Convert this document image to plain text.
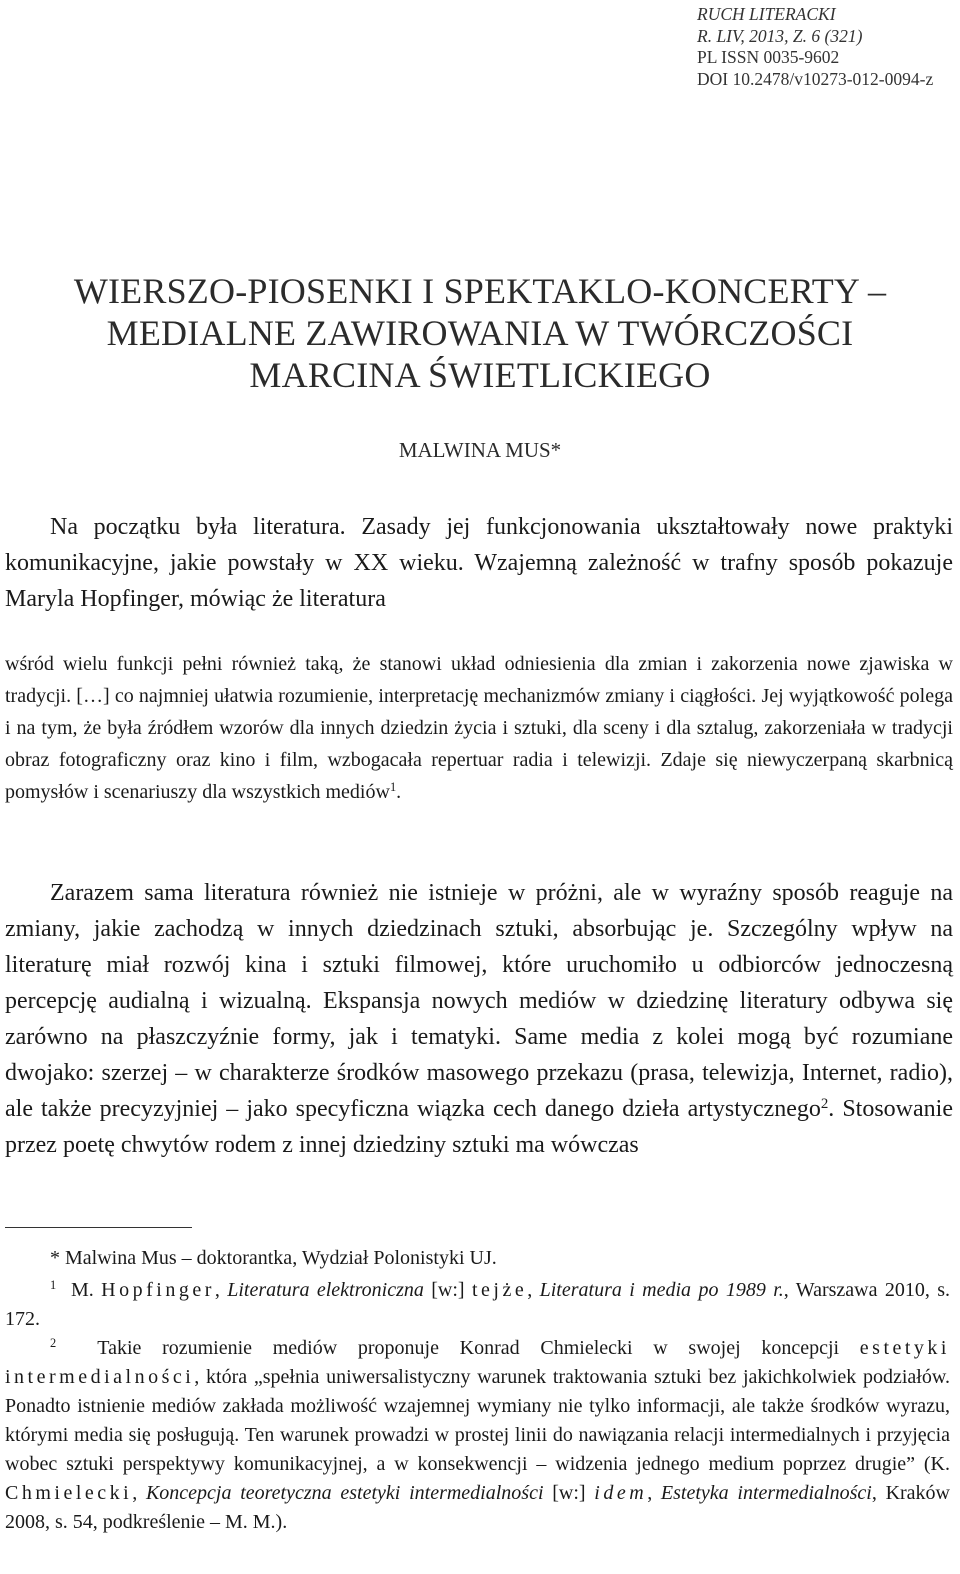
RUCH LITERACKI
R. LIV, 2013, Z. 6 (321)
PL ISSN 0035-9602
DOI 10.2478/v10273-012-0094-z
WIERSZO-PIOSENKI I SPEKTAKLO-KONCERTY –
MEDIALNE ZAWIROWANIA W TWÓRCZOŚCI
MARCINA ŚWIETLICKIEGO
MALWINA MUS*

Na początku była literatura. Zasady jej funkcjonowania ukształtowały nowe praktyki komunikacyjne, jakie powstały w XX wieku. Wzajemną zależność w trafny sposób pokazuje Maryla Hopfinger, mówiąc że literatura

wśród wielu funkcji pełni również taką, że stanowi układ odniesienia dla zmian i zakorzenia nowe zjawiska w tradycji. […] co najmniej ułatwia rozumienie, interpretację mechanizmów zmiany i ciągłości. Jej wyjątkowość polega i na tym, że była źródłem wzorów dla innych dziedzin życia i sztuki, dla sceny i dla sztalug, zakorzeniała w tradycji obraz fotograficzny oraz kino i film, wzbogacała repertuar radia i telewizji. Zdaje się niewyczerpaną skarbnicą pomysłów i scenariuszy dla wszystkich mediów$^1$.

Zarazem sama literatura również nie istnieje w próżni, ale w wyraźny sposób reaguje na zmiany, jakie zachodzą w innych dziedzinach sztuki, absorbując je. Szczególny wpływ na literaturę miał rozwój kina i sztuki filmowej, które uruchomiło u odbiorców jednoczesną percepcję audialną i wizualną. Ekspansja nowych mediów w dziedzinę literatury odbywa się zarówno na płaszczyźnie formy, jak i tematyki. Same media z kolei mogą być rozumiane dwojako: szerzej – w charakterze środków masowego przekazu (prasa, telewizja, Internet, radio), ale także precyzyjniej – jako specyficzna wiązka cech danego dzieła artystycznego$^2$. Stosowanie przez poetę chwytów rodem z innej dziedziny sztuki ma wówczas

* Malwina Mus – doktorantka, Wydział Polonistyki UJ.

$^1$ M. Hopfinger, Literatura elektroniczna [w:] tejże, Literatura i media po 1989 r., Warszawa 2010, s. 172.

$^2$ Takie rozumienie mediów proponuje Konrad Chmielecki w swojej koncepcji estetyki intermedialności, która „spełnia uniwersalistyczny warunek traktowania sztuki bez jakichkolwiek podziałów. Ponadto istnienie mediów zakłada możliwość wzajemnej wymiany nie tylko informacji, ale także środków wyrazu, którymi media się posługują. Ten warunek prowadzi w prostej linii do nawiązania relacji intermedialnych i przyjęcia wobec sztuki perspektywy komunikacyjnej, a w konsekwencji – widzenia jednego medium poprzez drugie” (K. Chmielecki, Koncepcja teoretyczna estetyki intermedialności [w:] idem, Estetyka intermedialności, Kraków 2008, s. 54, podkreślenie – M. M.).
